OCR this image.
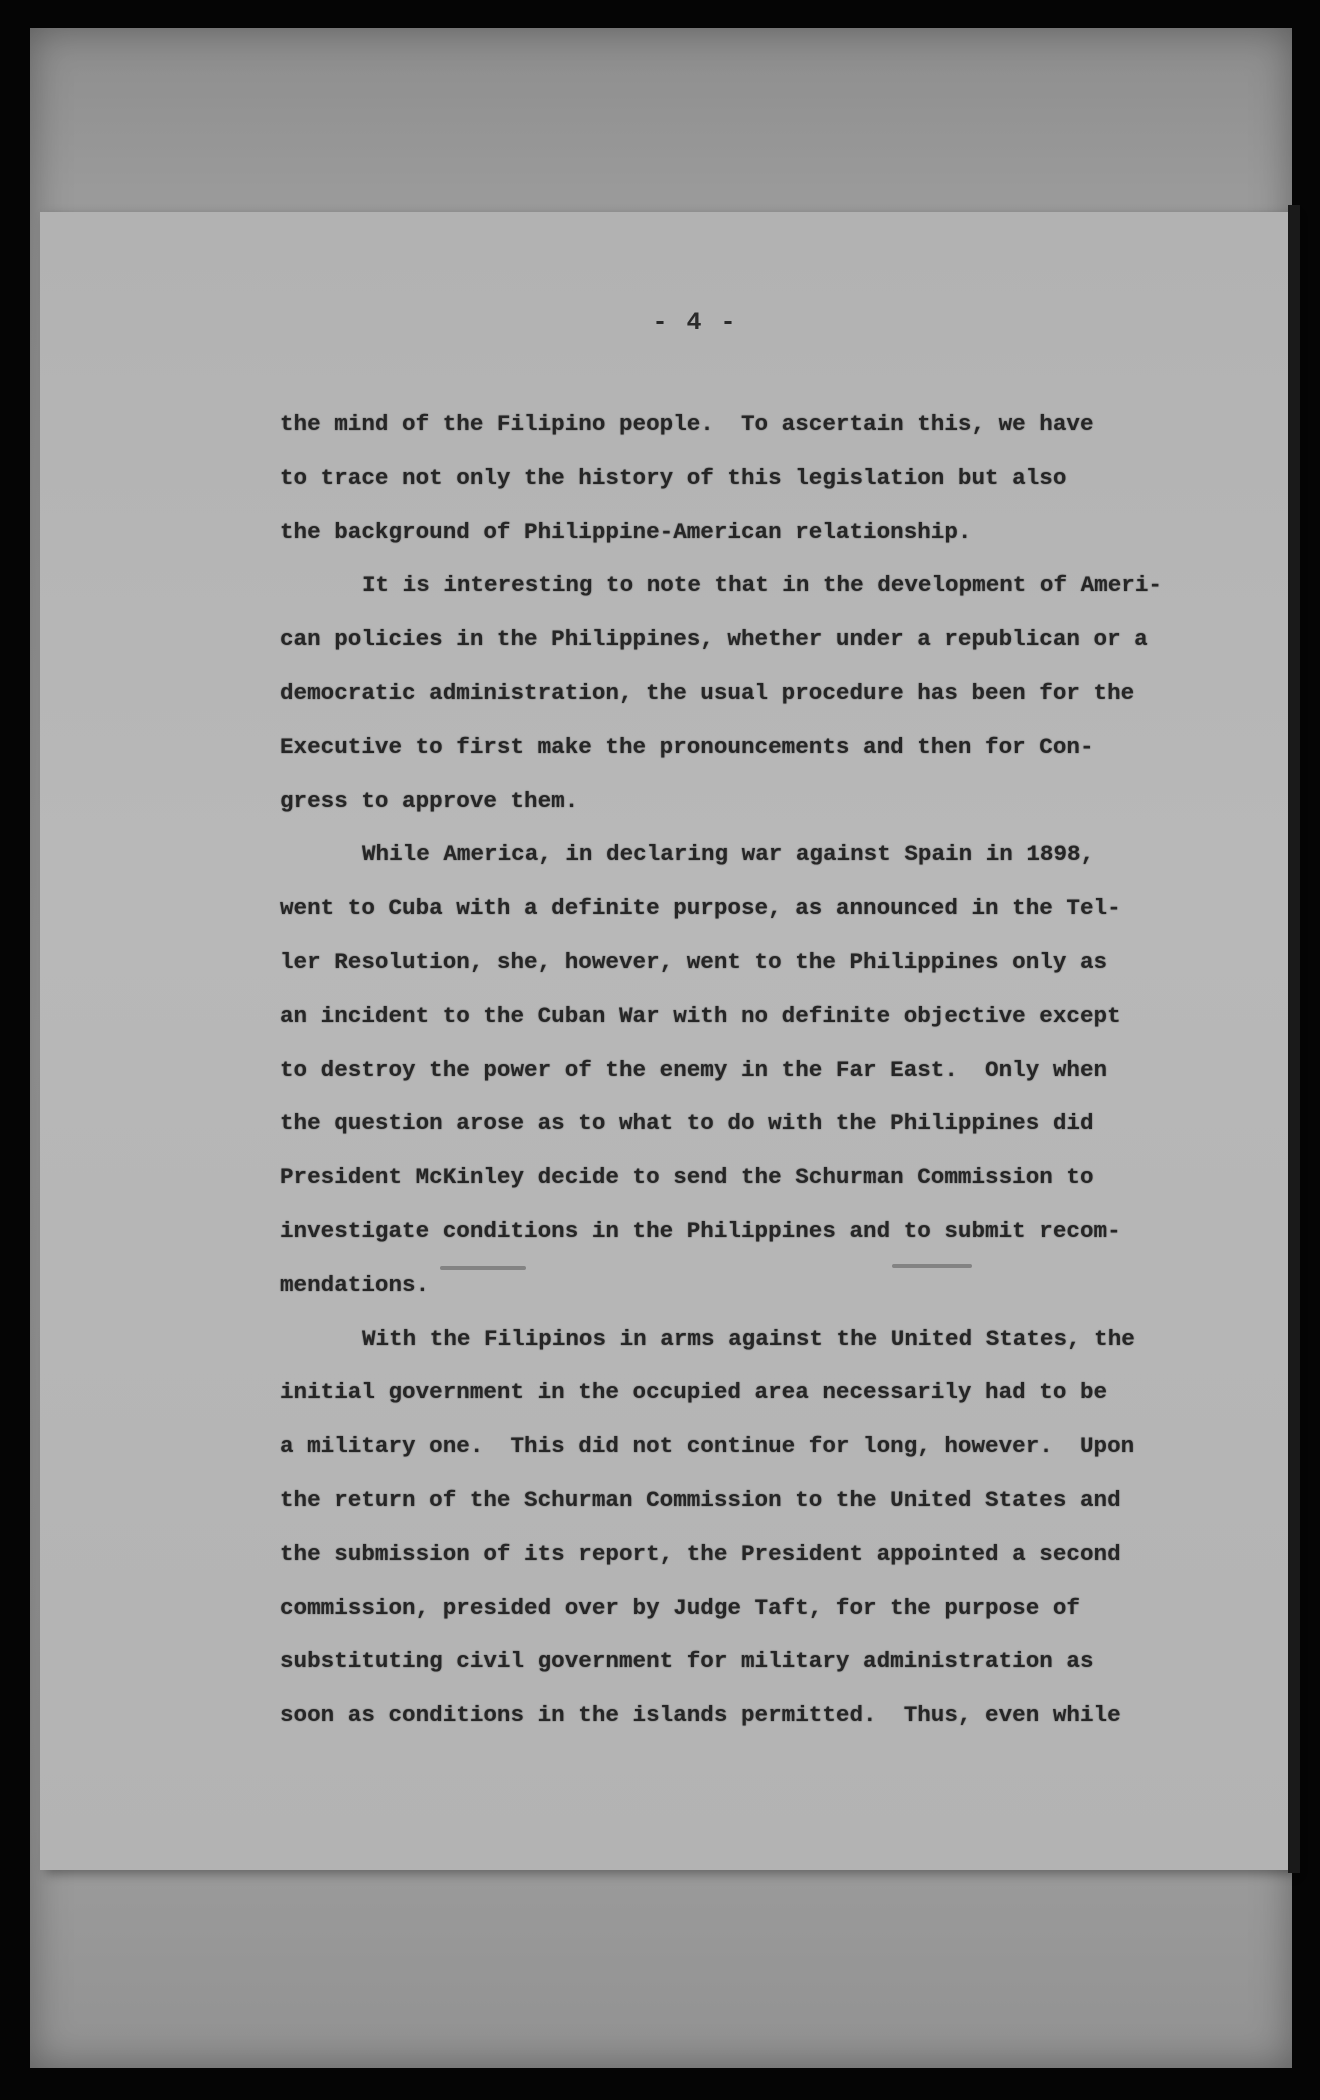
- 4 -
the mind of the Filipino people.  To ascertain this, we have
to trace not only the history of this legislation but also
the background of Philippine-American relationship.
It is interesting to note that in the development of Ameri-
can policies in the Philippines, whether under a republican or a
democratic administration, the usual procedure has been for the
Executive to first make the pronouncements and then for Con-
gress to approve them.
While America, in declaring war against Spain in 1898,
went to Cuba with a definite purpose, as announced in the Tel-
ler Resolution, she, however, went to the Philippines only as
an incident to the Cuban War with no definite objective except
to destroy the power of the enemy in the Far East.  Only when
the question arose as to what to do with the Philippines did
President McKinley decide to send the Schurman Commission to
investigate conditions in the Philippines and to submit recom-
mendations.
With the Filipinos in arms against the United States, the
initial government in the occupied area necessarily had to be
a military one.  This did not continue for long, however.  Upon
the return of the Schurman Commission to the United States and
the submission of its report, the President appointed a second
commission, presided over by Judge Taft, for the purpose of
substituting civil government for military administration as
soon as conditions in the islands permitted.  Thus, even while
